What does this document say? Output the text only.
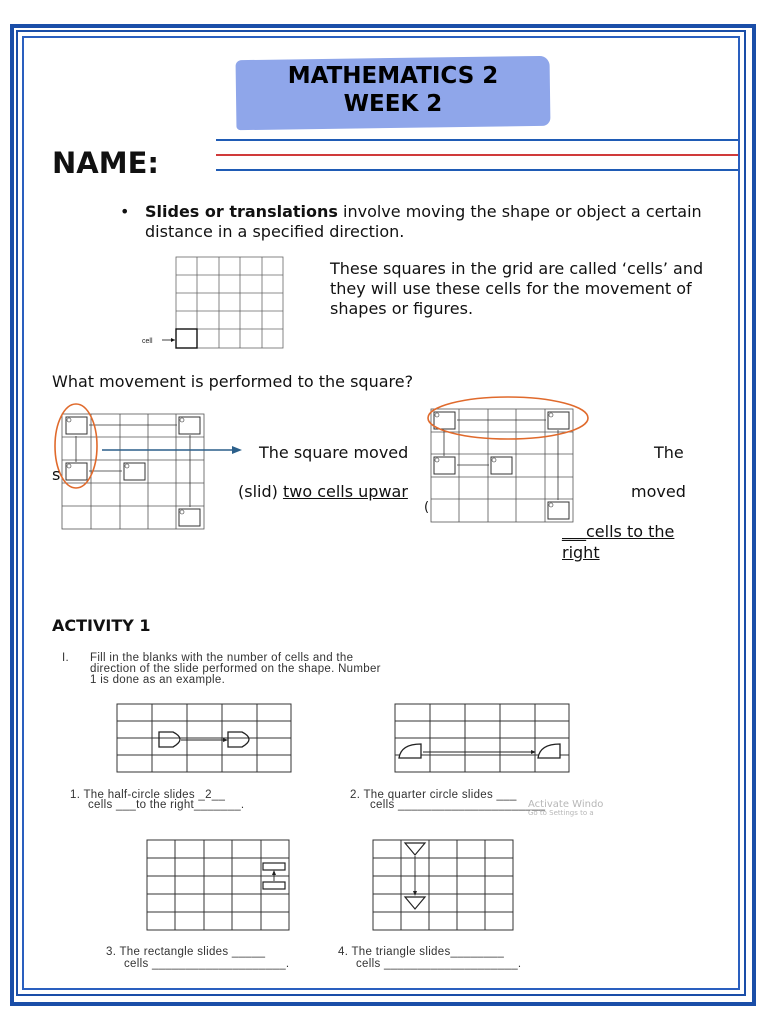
MATHEMATICS 2
WEEK 2
NAME:
• Slides or translations involve moving the shape or object a certain distance in a specified direction.
cell
These squares in the grid are called ‘cells’ and they will use these cells for the movement of shapes or figures.
What movement is performed to the square?
s
The square moved
(slid) two cells upwar
The
moved
(
___cells to the
right
ACTIVITY 1
I. Fill in the blanks with the number of cells and the
direction of the slide performed on the shape. Number
1 is done as an example.
1. The half-circle slides _2__
cells ___to the right_______.
2. The quarter circle slides ___
cells ______________________
Activate Windo
Go to Settings to a
3. The rectangle slides _____
cells ____________________.
4. The triangle slides________
cells ____________________.
